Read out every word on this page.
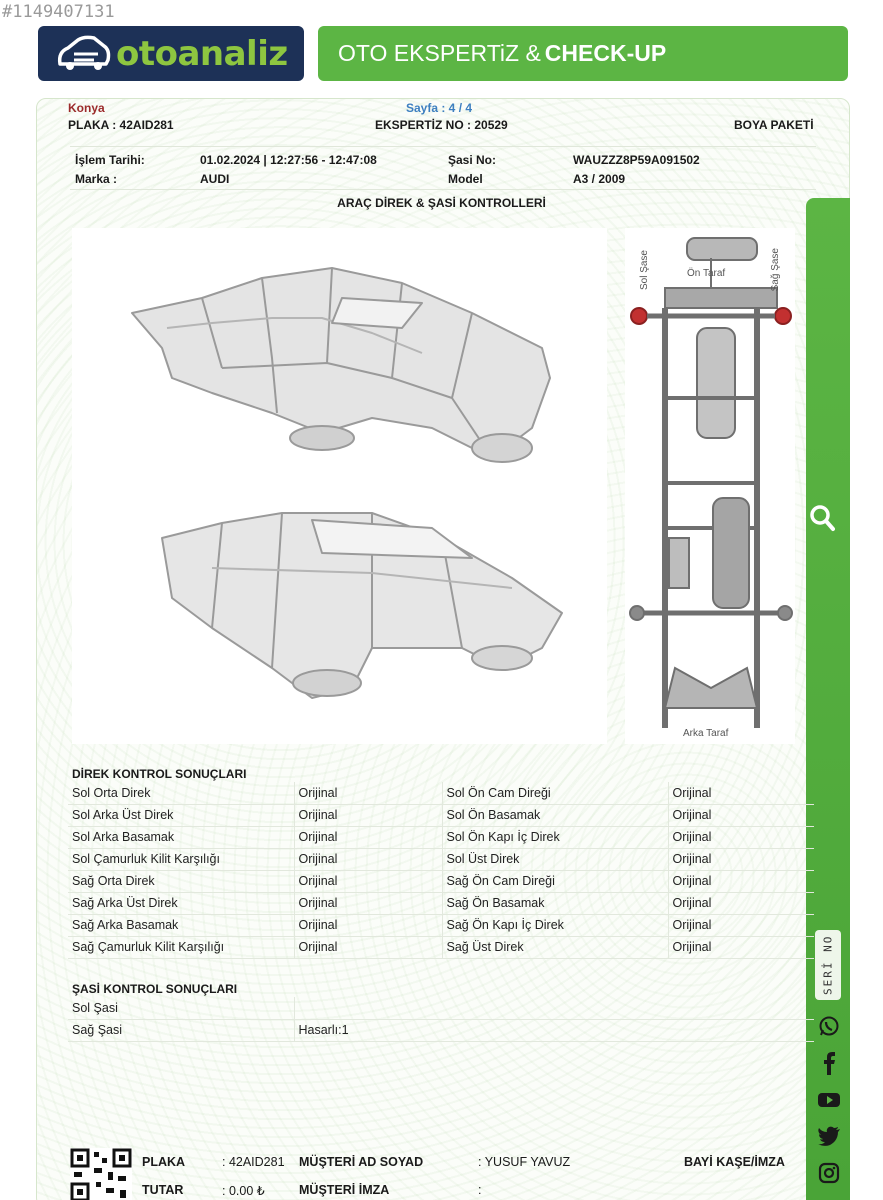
#1149407131
otoanaliz OTO EKSPERTiZ & CHECK-UP
SERİ NO
Konya	Sayfa : 4 / 4
PLAKA : 42AID281	EKSPERTİZ NO : 20529	BOYA PAKETİ
İşlem Tarihi:	01.02.2024 | 12:27:56 - 12:47:08	Şasi No:	WAUZZZ8P59A091502
Marka :	AUDI	Model	A3 / 2009
ARAÇ DİREK & ŞASİ KONTROLLERİ
Sol Şase	Sağ Şase
Ön Taraf
Arka Taraf
DİREK KONTROL SONUÇLARI
Sol Orta Direk	Orijinal	Sol Ön Cam Direği	Orijinal
Sol Arka Üst Direk	Orijinal	Sol Ön Basamak	Orijinal
Sol Arka Basamak	Orijinal	Sol Ön Kapı İç Direk	Orijinal
Sol Çamurluk Kilit Karşılığı	Orijinal	Sol Üst Direk	Orijinal
Sağ Orta Direk	Orijinal	Sağ Ön Cam Direği	Orijinal
Sağ Arka Üst Direk	Orijinal	Sağ Ön Basamak	Orijinal
Sağ Arka Basamak	Orijinal	Sağ Ön Kapı İç Direk	Orijinal
Sağ Çamurluk Kilit Karşılığı	Orijinal	Sağ Üst Direk	Orijinal
ŞASİ KONTROL SONUÇLARI
Sol Şasi	
Sağ Şasi	Hasarlı:1
PLAKA	: 42AID281
TUTAR	: 0.00 ₺
MÜŞTERİ AD SOYAD	: YUSUF YAVUZ
MÜŞTERİ İMZA	:
BAYİ KAŞE/İMZA
